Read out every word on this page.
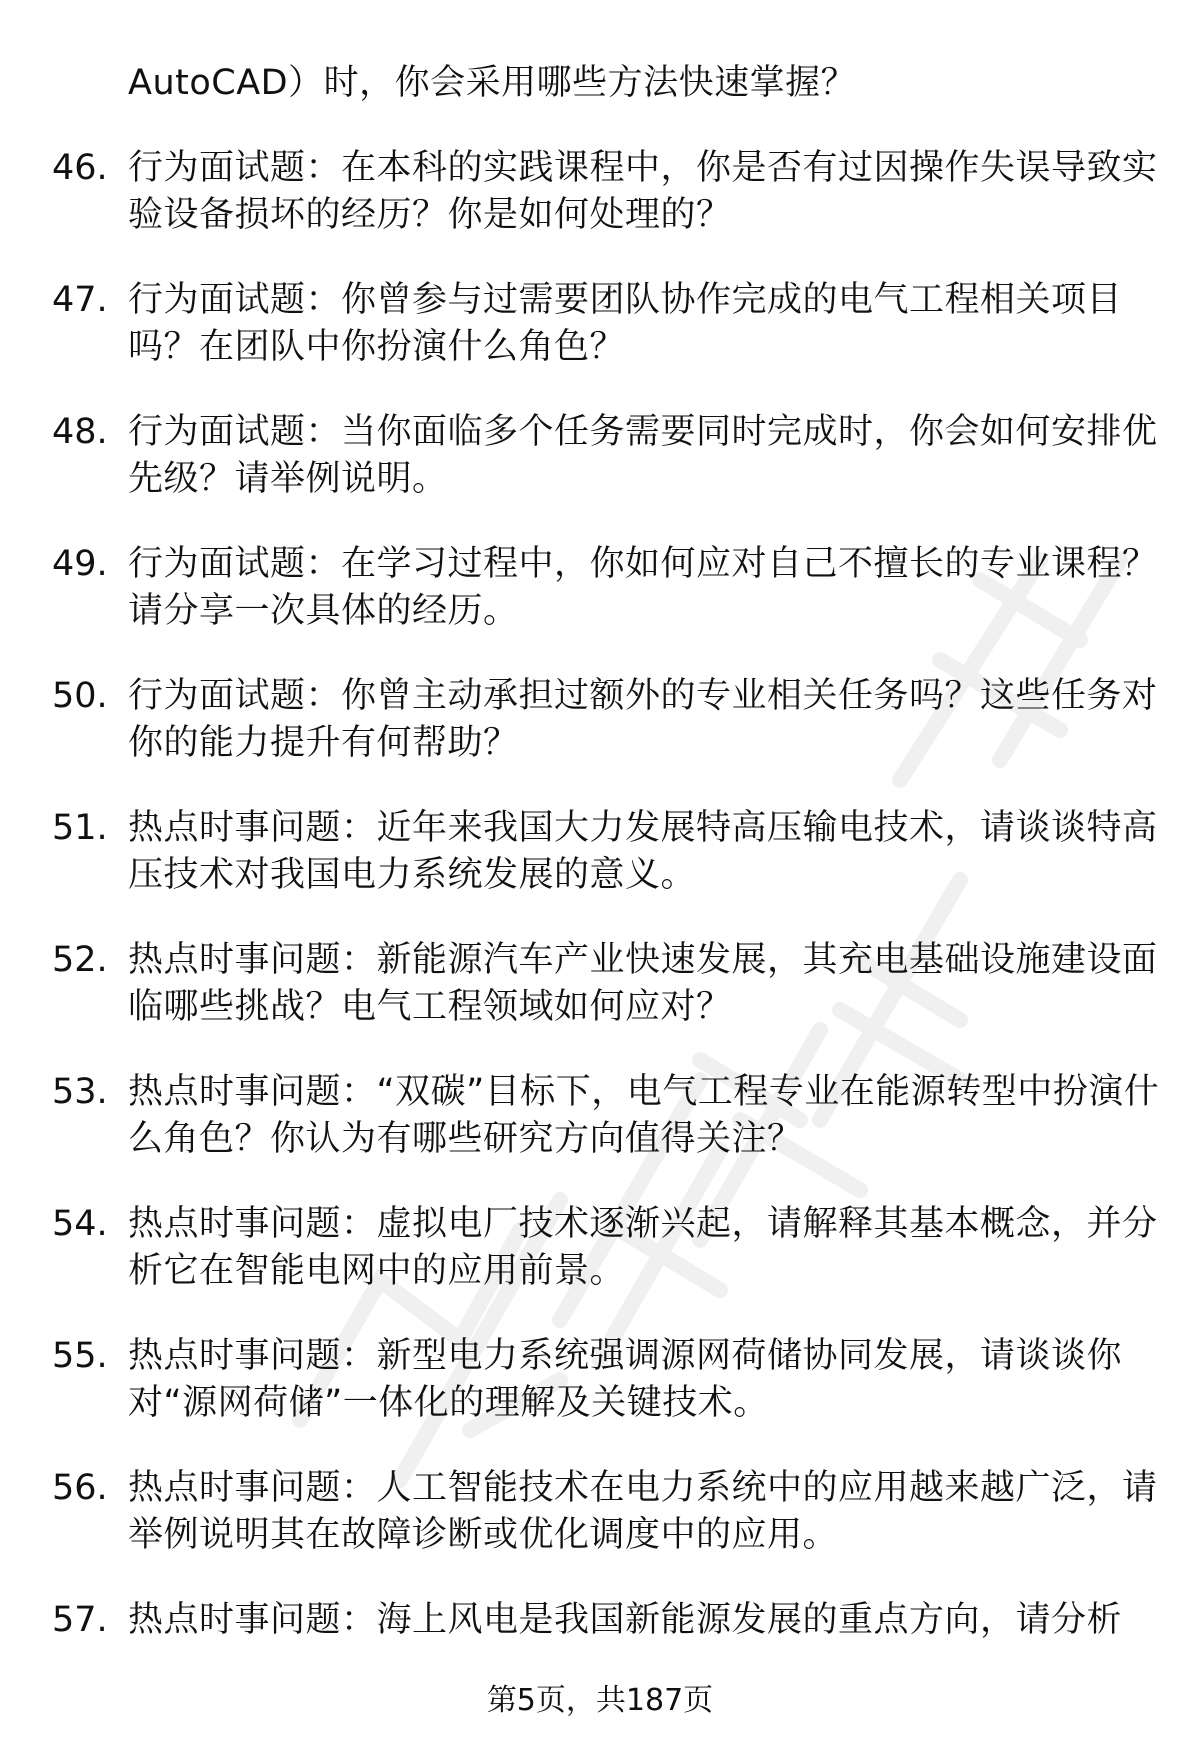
AutoCAD）时，你会采用哪些方法快速掌握？
46. 行为面试题：在本科的实践课程中，你是否有过因操作失误导致实验设备损坏的经历？你是如何处理的？
47. 行为面试题：你曾参与过需要团队协作完成的电气工程相关项目吗？在团队中你扮演什么角色？
48. 行为面试题：当你面临多个任务需要同时完成时，你会如何安排优先级？请举例说明。
49. 行为面试题：在学习过程中，你如何应对自己不擅长的专业课程？请分享一次具体的经历。
50. 行为面试题：你曾主动承担过额外的专业相关任务吗？这些任务对你的能力提升有何帮助？
51. 热点时事问题：近年来我国大力发展特高压输电技术，请谈谈特高压技术对我国电力系统发展的意义。
52. 热点时事问题：新能源汽车产业快速发展，其充电基础设施建设面临哪些挑战？电气工程领域如何应对？
53. 热点时事问题：“双碳”目标下，电气工程专业在能源转型中扮演什么角色？你认为有哪些研究方向值得关注？
54. 热点时事问题：虚拟电厂技术逐渐兴起，请解释其基本概念，并分析它在智能电网中的应用前景。
55. 热点时事问题：新型电力系统强调源网荷储协同发展，请谈谈你对“源网荷储”一体化的理解及关键技术。
56. 热点时事问题：人工智能技术在电力系统中的应用越来越广泛，请举例说明其在故障诊断或优化调度中的应用。
57. 热点时事问题：海上风电是我国新能源发展的重点方向，请分析
第5页，共187页
